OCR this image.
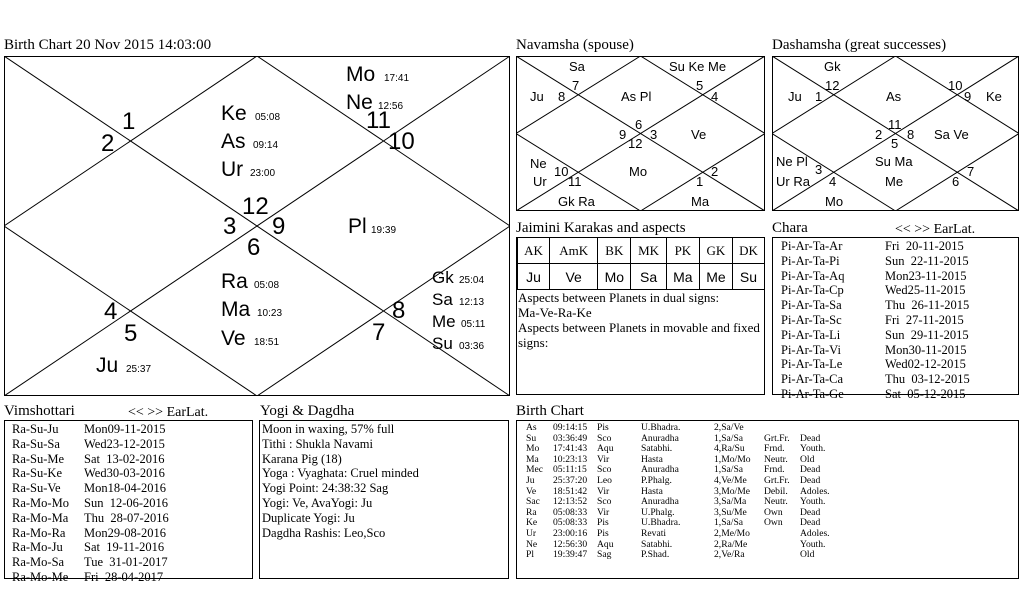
Birth Chart 20 Nov 2015 14:03:00
1
2
12
3 9
6
4
5
8
7
11
10
Mo 17:41
Ne 12:56
Ke 05:08
As 09:14
Ur 23:00
Pl 19:39
Ra 05:08
Ma 10:23
Ve 18:51
Gk 25:04
Sa 12:13
Me 05:11
Su 03:36
Ju 25:37
Navamsha (spouse)
Sa	Su Ke Me
Ju 8
7
As Pl
5
4
6
9 3
12
Ve
Ne
10
Ur 11
Mo	2
1
Gk Ra	Ma
Dashamsha (great successes)
Gk
12
Ju 1	As
10
9 Ke
11
2 8
5
Sa Ve
Ne Pl
3
Su Ma
Ur Ra 4	Me	6
7
Mo
Jaimini Karakas and aspects
AK	AmK	BK	MK	PK	GK	DK
Ju	Ve	Mo	Sa	Ma	Me	Su
Aspects between Planets in dual signs:
Ma-Ve-Ra-Ke
Aspects between Planets in movable and fixed signs:
Chara	<< >> EarLat.
Pi-Ar-Ta-Ar	Fri  20-11-2015
Pi-Ar-Ta-Pi	Sun  22-11-2015
Pi-Ar-Ta-Aq	Mon23-11-2015
Pi-Ar-Ta-Cp	Wed25-11-2015
Pi-Ar-Ta-Sa	Thu  26-11-2015
Pi-Ar-Ta-Sc	Fri  27-11-2015
Pi-Ar-Ta-Li	Sun  29-11-2015
Pi-Ar-Ta-Vi	Mon30-11-2015
Pi-Ar-Ta-Le	Wed02-12-2015
Pi-Ar-Ta-Ca	Thu  03-12-2015
Pi-Ar-Ta-Ge	Sat  05-12-2015
Vimshottari	<< >> EarLat.
Ra-Su-Ju	Mon09-11-2015
Ra-Su-Sa	Wed23-12-2015
Ra-Su-Me	Sat  13-02-2016
Ra-Su-Ke	Wed30-03-2016
Ra-Su-Ve	Mon18-04-2016
Ra-Mo-Mo	Sun  12-06-2016
Ra-Mo-Ma	Thu  28-07-2016
Ra-Mo-Ra	Mon29-08-2016
Ra-Mo-Ju	Sat  19-11-2016
Ra-Mo-Sa	Tue  31-01-2017
Ra-Mo-Me	Fri  28-04-2017
Yogi & Dagdha
Moon in waxing, 57% full
Tithi : Shukla Navami
Karana Pig (18)
Yoga : Vyaghata: Cruel minded
Yogi Point: 24:38:32 Sag
Yogi: Ve, AvaYogi: Ju
Duplicate Yogi: Ju
Dagdha Rashis: Leo,Sco
Birth Chart
As	09:14:15	Pis	U.Bhadra.	2,Sa/Ve		
Su	03:36:49	Sco	Anuradha	1,Sa/Sa	Grt.Fr.	Dead
Mo	17:41:43	Aqu	Satabhi.	4,Ra/Su	Frnd.	Youth.
Ma	10:23:13	Vir	Hasta	1,Mo/Mo	Neutr.	Old
Mec	05:11:15	Sco	Anuradha	1,Sa/Sa	Frnd.	Dead
Ju	25:37:20	Leo	P.Phalg.	4,Ve/Me	Grt.Fr.	Dead
Ve	18:51:42	Vir	Hasta	3,Mo/Me	Debil.	Adoles.
Sac	12:13:52	Sco	Anuradha	3,Sa/Ma	Neutr.	Youth.
Ra	05:08:33	Vir	U.Phalg.	3,Su/Me	Own	Dead
Ke	05:08:33	Pis	U.Bhadra.	1,Sa/Sa	Own	Dead
Ur	23:00:16	Pis	Revati	2,Me/Mo		Adoles.
Ne	12:56:30	Aqu	Satabhi.	2,Ra/Me		Youth.
Pl	19:39:47	Sag	P.Shad.	2,Ve/Ra		Old
